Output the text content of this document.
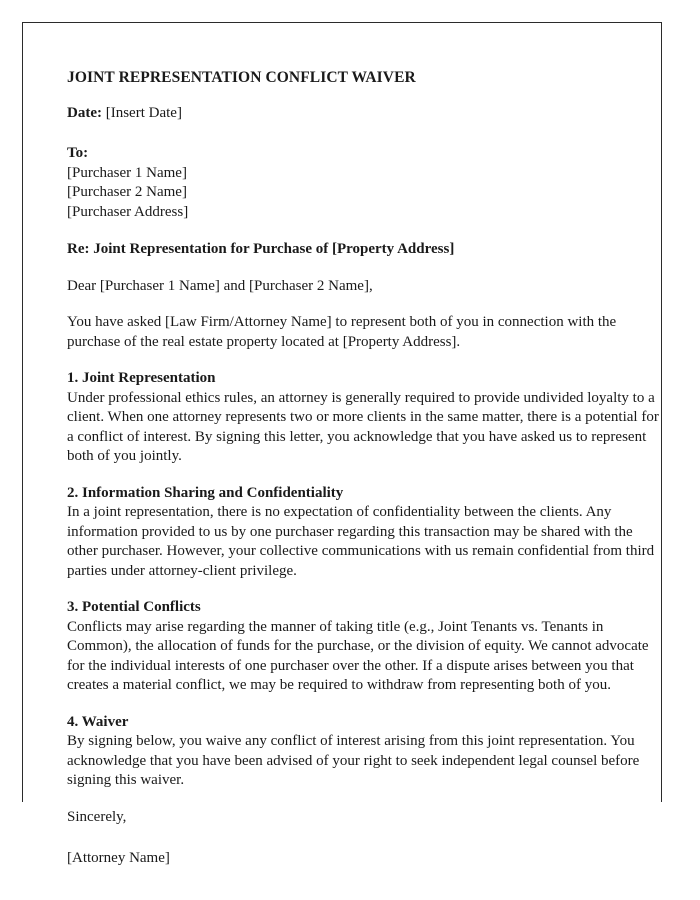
JOINT REPRESENTATION CONFLICT WAIVER
Date: [Insert Date]
To:
[Purchaser 1 Name]
[Purchaser 2 Name]
[Purchaser Address]
Re: Joint Representation for Purchase of [Property Address]
Dear [Purchaser 1 Name] and [Purchaser 2 Name],
You have asked [Law Firm/Attorney Name] to represent both of you in connection with the purchase of the real estate property located at [Property Address].
1. Joint Representation
Under professional ethics rules, an attorney is generally required to provide undivided loyalty to a client. When one attorney represents two or more clients in the same matter, there is a potential for a conflict of interest. By signing this letter, you acknowledge that you have asked us to represent both of you jointly.
2. Information Sharing and Confidentiality
In a joint representation, there is no expectation of confidentiality between the clients. Any information provided to us by one purchaser regarding this transaction may be shared with the other purchaser. However, your collective communications with us remain confidential from third parties under attorney-client privilege.
3. Potential Conflicts
Conflicts may arise regarding the manner of taking title (e.g., Joint Tenants vs. Tenants in Common), the allocation of funds for the purchase, or the division of equity. We cannot advocate for the individual interests of one purchaser over the other. If a dispute arises between you that creates a material conflict, we may be required to withdraw from representing both of you.
4. Waiver
By signing below, you waive any conflict of interest arising from this joint representation. You acknowledge that you have been advised of your right to seek independent legal counsel before signing this waiver.
Sincerely,
[Attorney Name]
